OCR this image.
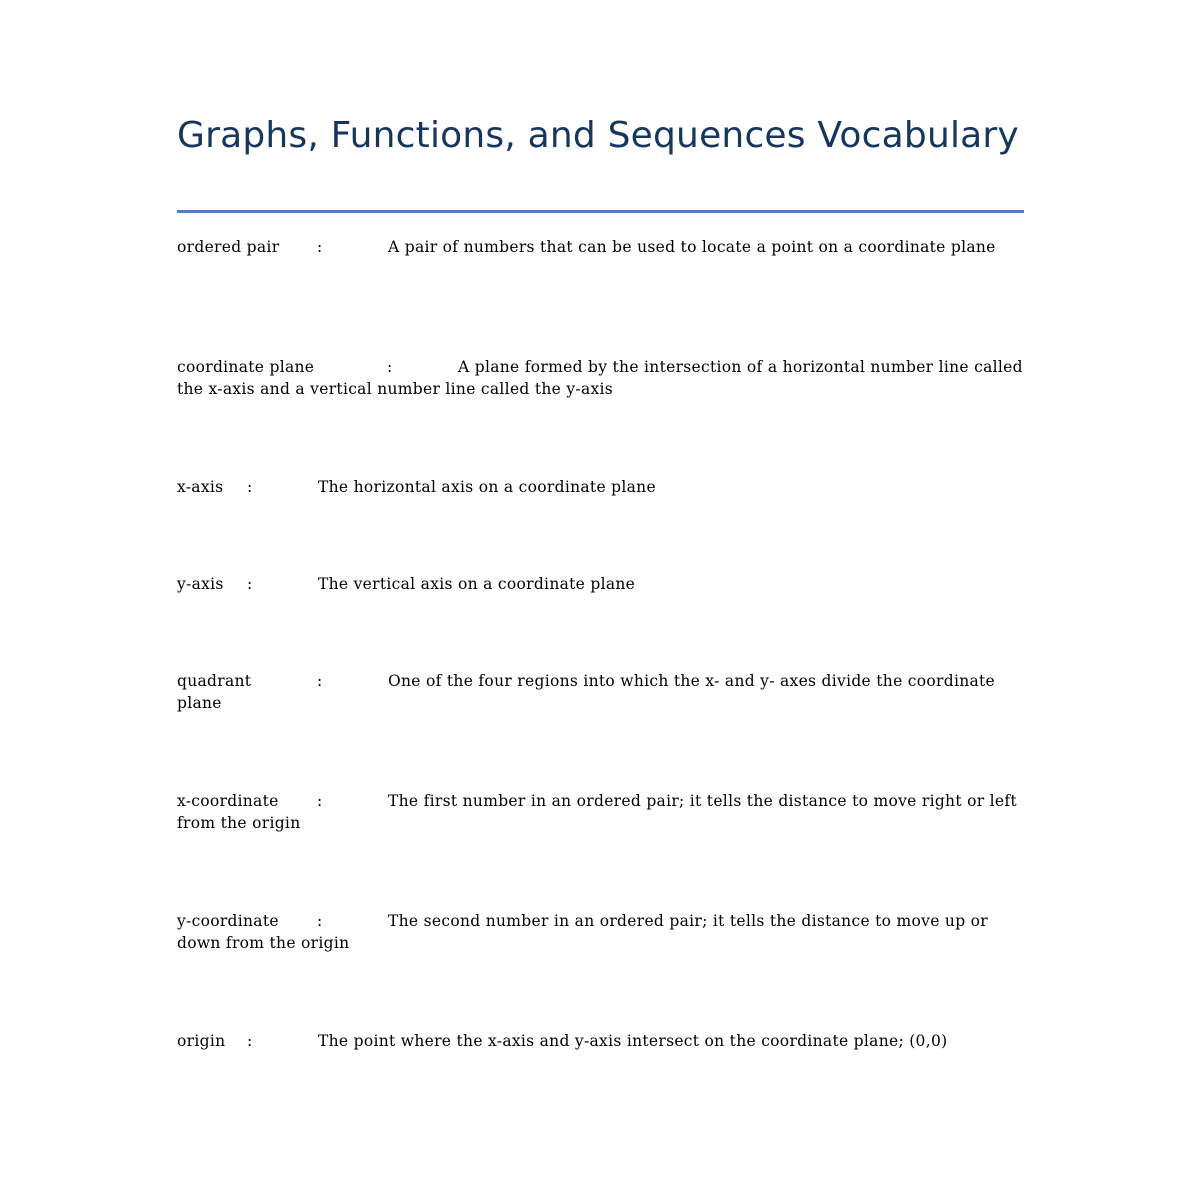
Graphs, Functions, and Sequences Vocabulary

ordered pair :	A pair of numbers that can be used to locate a point on a coordinate plane

coordinate plane	:	A plane formed by the intersection of a horizontal number line called the x-axis and a vertical number line called the y-axis

x-axis :	The horizontal axis on a coordinate plane

y-axis :	The vertical axis on a coordinate plane

quadrant	:	One of the four regions into which the x- and y- axes divide the coordinate plane

x-coordinate :	The first number in an ordered pair; it tells the distance to move right or left from the origin

y-coordinate :	The second number in an ordered pair; it tells the distance to move up or down from the origin

origin :	The point where the x-axis and y-axis intersect on the coordinate plane; (0,0)
